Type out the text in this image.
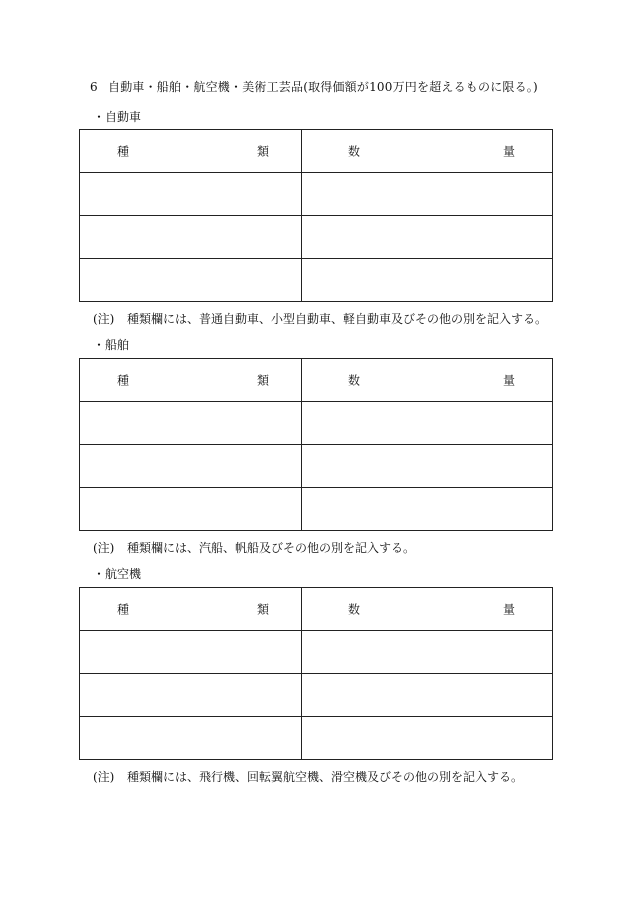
6 自動車・船舶・航空機・美術工芸品(取得価額が100万円を超えるものに限る。)
・自動車
種 類	数 量

(注) 種類欄には、普通自動車、小型自動車、軽自動車及びその他の別を記入する。
・船舶
種 類	数 量

(注) 種類欄には、汽船、帆船及びその他の別を記入する。
・航空機
種 類	数 量

(注) 種類欄には、飛行機、回転翼航空機、滑空機及びその他の別を記入する。
